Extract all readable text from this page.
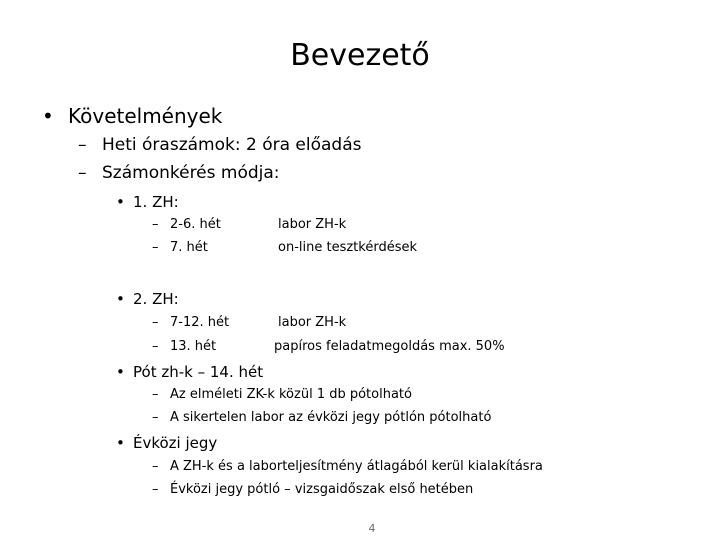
Bevezető
• Követelmények
– Heti óraszámok: 2 óra előadás
– Számonkérés módja:
• 1. ZH:
– 2-6. hét	labor ZH-k
– 7. hét	on-line tesztkérdések
• 2. ZH:
– 7-12. hét	labor ZH-k
– 13. hét	papíros feladatmegoldás max. 50%
• Pót zh-k – 14. hét
– Az elméleti ZK-k közül 1 db pótolható
– A sikertelen labor az évközi jegy pótlón pótolható
• Évközi jegy
– A ZH-k és a laborteljesítmény átlagából kerül kialakításra
– Évközi jegy pótló – vizsgaidőszak első hetében
4
